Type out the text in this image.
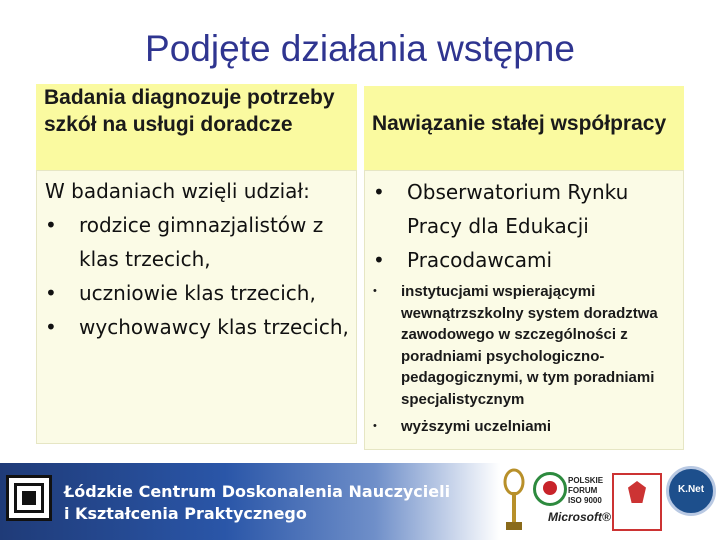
Podjęte działania wstępne
Badania diagnozuje potrzeby szkół na usługi doradcze	Nawiązanie stałej współpracy
W badaniach wzięli udział:
• rodzice gimnazjalistów z klas trzecich,
• uczniowie klas trzecich,
• wychowawcy klas trzecich,
• Obserwatorium Rynku Pracy dla Edukacji
• Pracodawcami
• instytucjami wspierającymi wewnątrzszkolny system doradztwa zawodowego w szczególności z poradniami psychologiczno-pedagogicznymi, w tym poradniami specjalistycznym
• wyższymi uczelniami
Łódzkie Centrum Doskonalenia Nauczycieli
i Kształcenia Praktycznego
POLSKIE FORUM ISO 9000
Microsoft®
K.Net
